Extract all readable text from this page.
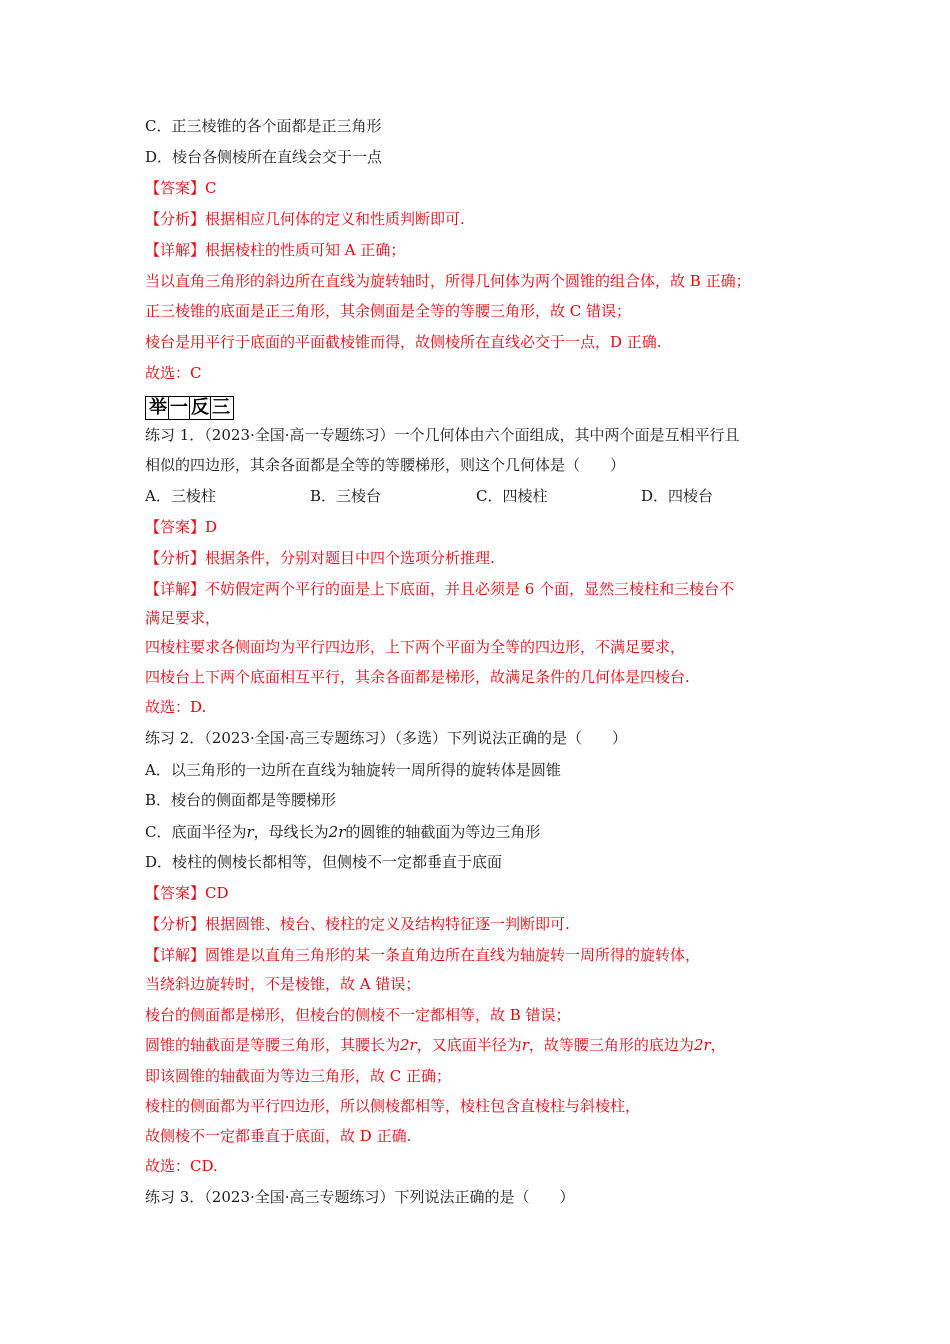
C．正三棱锥的各个面都是正三角形
D．棱台各侧棱所在直线会交于一点
【答案】C
【分析】根据相应几何体的定义和性质判断即可.
【详解】根据棱柱的性质可知 A 正确；
当以直角三角形的斜边所在直线为旋转轴时，所得几何体为两个圆锥的组合体，故 B 正确；
正三棱锥的底面是正三角形，其余侧面是全等的等腰三角形，故 C 错误；
棱台是用平行于底面的平面截棱锥而得，故侧棱所在直线必交于一点，D 正确.
故选：C
举 一 反 三
练习 1．（2023·全国·高一专题练习）一个几何体由六个面组成，其中两个面是互相平行且
相似的四边形，其余各面都是全等的等腰梯形，则这个几何体是（　　）
A．三棱柱	B．三棱台	C．四棱柱	D．四棱台
【答案】D
【分析】根据条件，分别对题目中四个选项分析推理.
【详解】不妨假定两个平行的面是上下底面，并且必须是 6 个面，显然三棱柱和三棱台不
满足要求，
四棱柱要求各侧面均为平行四边形，上下两个平面为全等的四边形，不满足要求，
四棱台上下两个底面相互平行，其余各面都是梯形，故满足条件的几何体是四棱台.
故选：D.
练习 2．（2023·全国·高三专题练习）（多选）下列说法正确的是（　　）
A．以三角形的一边所在直线为轴旋转一周所得的旋转体是圆锥
B．棱台的侧面都是等腰梯形
C．底面半径为r，母线长为2r的圆锥的轴截面为等边三角形
D．棱柱的侧棱长都相等，但侧棱不一定都垂直于底面
【答案】CD
【分析】根据圆锥、棱台、棱柱的定义及结构特征逐一判断即可.
【详解】圆锥是以直角三角形的某一条直角边所在直线为轴旋转一周所得的旋转体，
当绕斜边旋转时，不是棱锥，故 A 错误；
棱台的侧面都是梯形，但棱台的侧棱不一定都相等，故 B 错误；
圆锥的轴截面是等腰三角形，其腰长为2r，又底面半径为r，故等腰三角形的底边为2r，
即该圆锥的轴截面为等边三角形，故 C 正确；
棱柱的侧面都为平行四边形，所以侧棱都相等，棱柱包含直棱柱与斜棱柱，
故侧棱不一定都垂直于底面，故 D 正确.
故选：CD.
练习 3．（2023·全国·高三专题练习）下列说法正确的是（　　）
